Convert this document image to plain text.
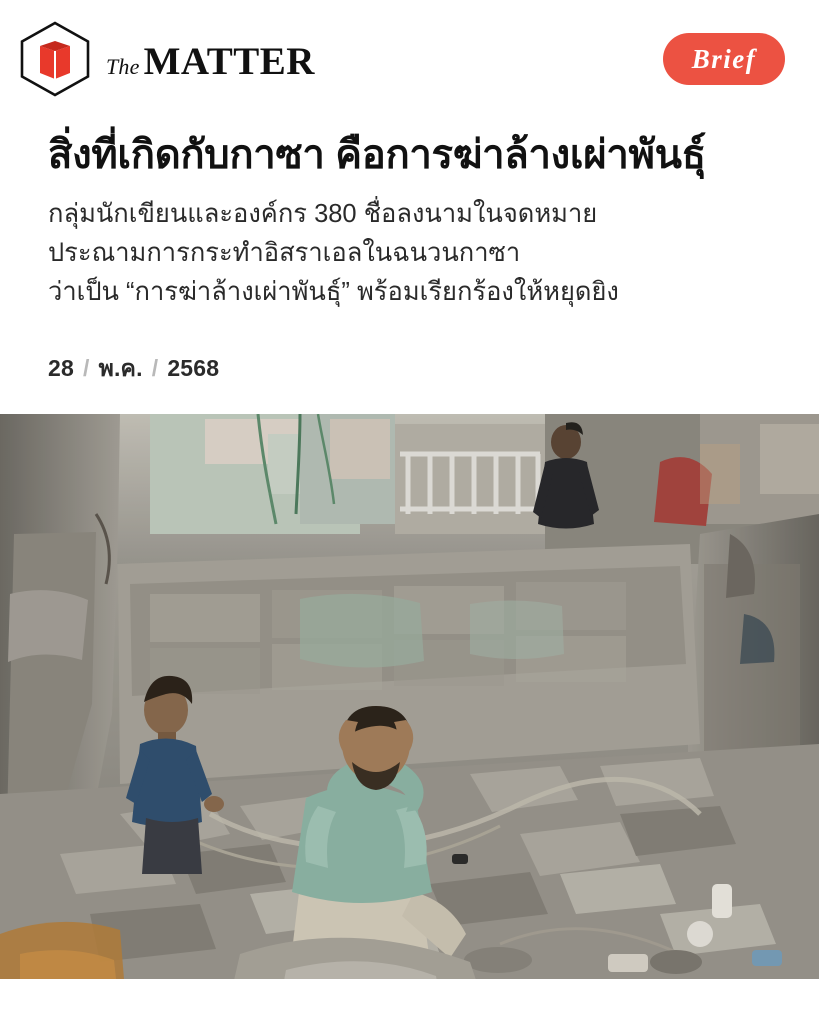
The MATTER	Brief
สิ่งที่เกิดกับกาซา คือการฆ่าล้างเผ่าพันธุ์
กลุ่มนักเขียนและองค์กร 380 ชื่อลงนามในจดหมาย
ประณามการกระทำอิสราเอลในฉนวนกาซา
ว่าเป็น “การฆ่าล้างเผ่าพันธุ์” พร้อมเรียกร้องให้หยุดยิง
28 / พ.ค. / 2568
